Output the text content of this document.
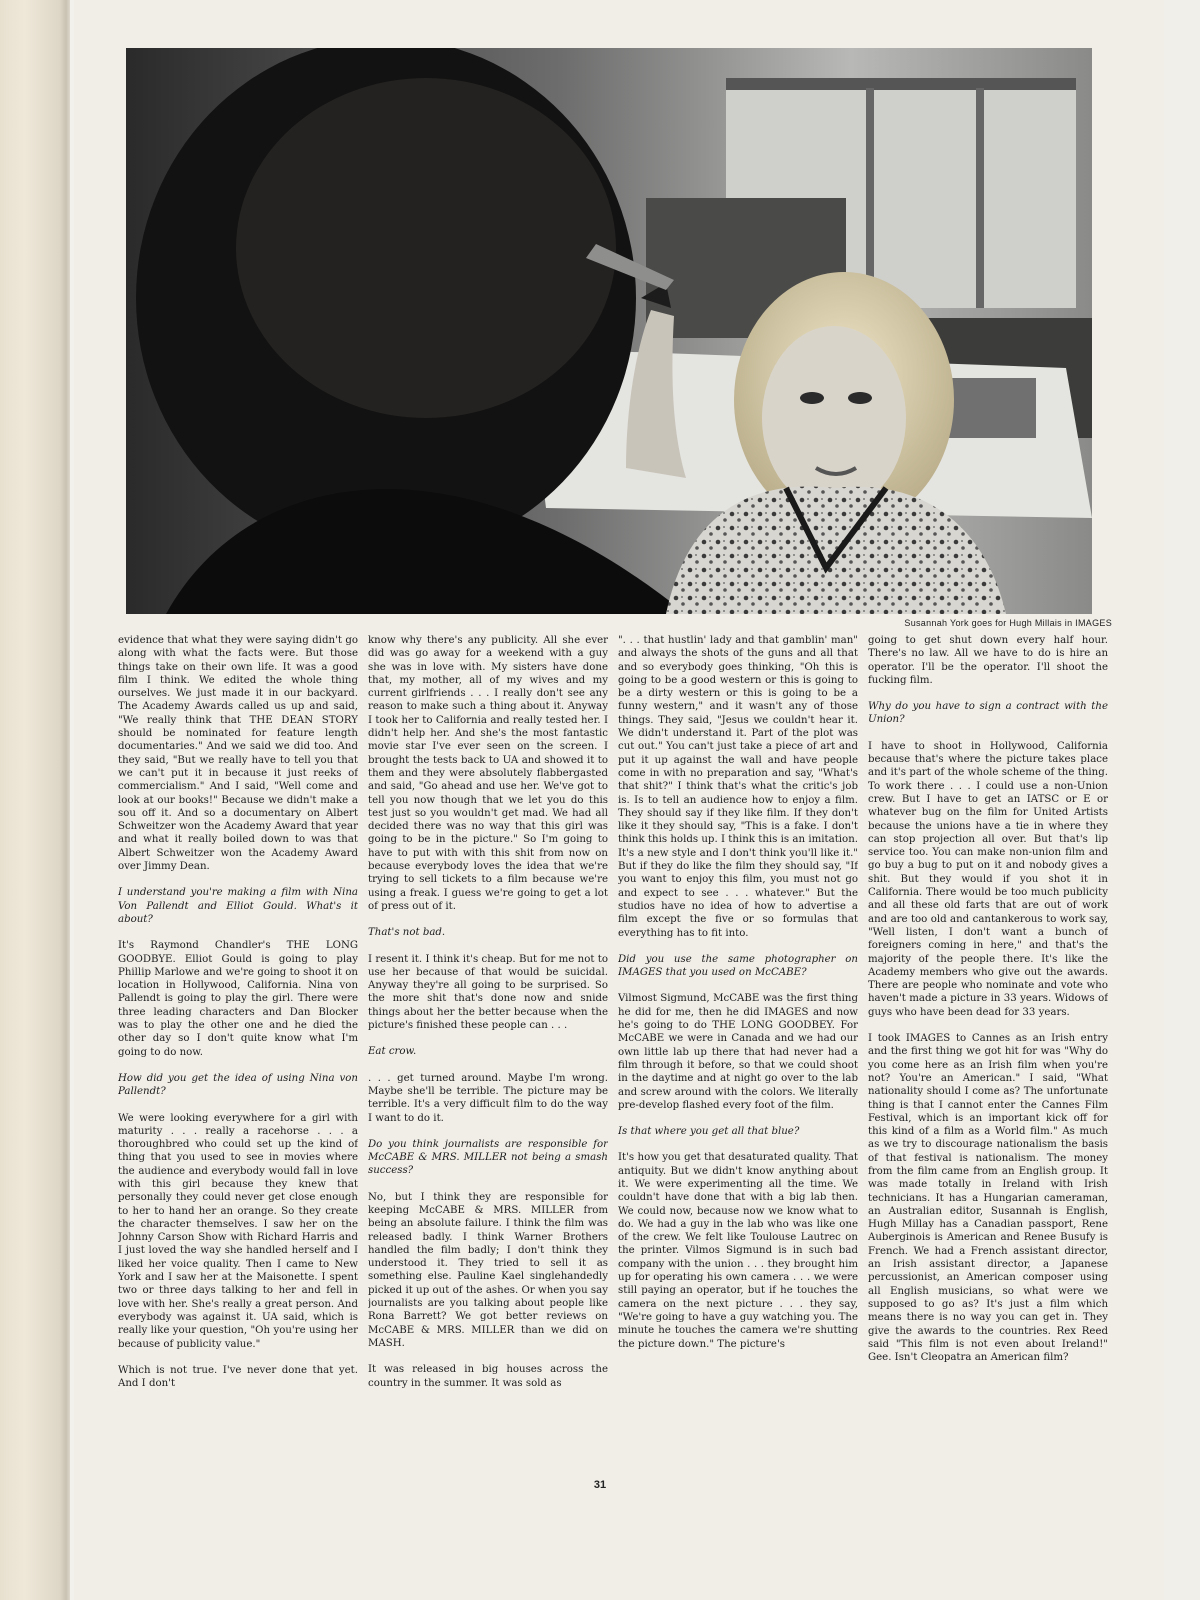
Susannah York goes for Hugh Millais in IMAGES

evidence that what they were saying didn't go along with what the facts were. But those things take on their own life. It was a good film I think. We edited the whole thing ourselves. We just made it in our backyard. The Academy Awards called us up and said, "We really think that THE DEAN STORY should be nominated for feature length documentaries." And we said we did too. And they said, "But we really have to tell you that we can't put it in because it just reeks of commercialism." And I said, "Well come and look at our books!" Because we didn't make a sou off it. And so a documentary on Albert Schweitzer won the Academy Award that year and what it really boiled down to was that Albert Schweitzer won the Academy Award over Jimmy Dean.

I understand you're making a film with Nina Von Pallendt and Elliot Gould. What's it about?

It's Raymond Chandler's THE LONG GOODBYE. Elliot Gould is going to play Phillip Marlowe and we're going to shoot it on location in Hollywood, California. Nina von Pallendt is going to play the girl. There were three leading characters and Dan Blocker was to play the other one and he died the other day so I don't quite know what I'm going to do now.

How did you get the idea of using Nina von Pallendt?

We were looking everywhere for a girl with maturity . . . really a racehorse . . . a thoroughbred who could set up the kind of thing that you used to see in movies where the audience and everybody would fall in love with this girl because they knew that personally they could never get close enough to her to hand her an orange. So they create the character themselves. I saw her on the Johnny Carson Show with Richard Harris and I just loved the way she handled herself and I liked her voice quality. Then I came to New York and I saw her at the Maisonette. I spent two or three days talking to her and fell in love with her. She's really a great person. And everybody was against it. UA said, which is really like your question, "Oh you're using her because of publicity value."

Which is not true. I've never done that yet. And I don't

know why there's any publicity. All she ever did was go away for a weekend with a guy she was in love with. My sisters have done that, my mother, all of my wives and my current girlfriends . . . I really don't see any reason to make such a thing about it. Anyway I took her to California and really tested her. I didn't help her. And she's the most fantastic movie star I've ever seen on the screen. I brought the tests back to UA and showed it to them and they were absolutely flabbergasted and said, "Go ahead and use her. We've got to tell you now though that we let you do this test just so you wouldn't get mad. We had all decided there was no way that this girl was going to be in the picture." So I'm going to have to put with with this shit from now on because everybody loves the idea that we're trying to sell tickets to a film because we're using a freak. I guess we're going to get a lot of press out of it.

That's not bad.

I resent it. I think it's cheap. But for me not to use her because of that would be suicidal. Anyway they're all going to be surprised. So the more shit that's done now and snide things about her the better because when the picture's finished these people can . . .

Eat crow.

. . . get turned around. Maybe I'm wrong. Maybe she'll be terrible. The picture may be terrible. It's a very difficult film to do the way I want to do it.

Do you think journalists are responsible for McCABE & MRS. MILLER not being a smash success?

No, but I think they are responsible for keeping McCABE & MRS. MILLER from being an absolute failure. I think the film was released badly. I think Warner Brothers handled the film badly; I don't think they understood it. They tried to sell it as something else. Pauline Kael singlehandedly picked it up out of the ashes. Or when you say journalists are you talking about people like Rona Barrett? We got better reviews on McCABE & MRS. MILLER than we did on MASH.

It was released in big houses across the country in the summer. It was sold as

". . . that hustlin' lady and that gamblin' man" and always the shots of the guns and all that and so everybody goes thinking, "Oh this is going to be a good western or this is going to be a dirty western or this is going to be a funny western," and it wasn't any of those things. They said, "Jesus we couldn't hear it. We didn't understand it. Part of the plot was cut out." You can't just take a piece of art and put it up against the wall and have people come in with no preparation and say, "What's that shit?" I think that's what the critic's job is. Is to tell an audience how to enjoy a film. They should say if they like film. If they don't like it they should say, "This is a fake. I don't think this holds up. I think this is an imitation. It's a new style and I don't think you'll like it." But if they do like the film they should say, "If you want to enjoy this film, you must not go and expect to see . . . whatever." But the studios have no idea of how to advertise a film except the five or so formulas that everything has to fit into.

Did you use the same photographer on IMAGES that you used on McCABE?

Vilmost Sigmund, McCABE was the first thing he did for me, then he did IMAGES and now he's going to do THE LONG GOODBEY. For McCABE we were in Canada and we had our own little lab up there that had never had a film through it before, so that we could shoot in the daytime and at night go over to the lab and screw around with the colors. We literally pre-develop flashed every foot of the film.

Is that where you get all that blue?

It's how you get that desaturated quality. That antiquity. But we didn't know anything about it. We were experimenting all the time. We couldn't have done that with a big lab then. We could now, because now we know what to do. We had a guy in the lab who was like one of the crew. We felt like Toulouse Lautrec on the printer. Vilmos Sigmund is in such bad company with the union . . . they brought him up for operating his own camera . . . we were still paying an operator, but if he touches the camera on the next picture . . . they say, "We're going to have a guy watching you. The minute he touches the camera we're shutting the picture down." The picture's

going to get shut down every half hour. There's no law. All we have to do is hire an operator. I'll be the operator. I'll shoot the fucking film.

Why do you have to sign a contract with the Union?

I have to shoot in Hollywood, California because that's where the picture takes place and it's part of the whole scheme of the thing. To work there . . . I could use a non-Union crew. But I have to get an IATSC or E or whatever bug on the film for United Artists because the unions have a tie in where they can stop projection all over. But that's lip service too. You can make non-union film and go buy a bug to put on it and nobody gives a shit. But they would if you shot it in California. There would be too much publicity and all these old farts that are out of work and are too old and cantankerous to work say, "Well listen, I don't want a bunch of foreigners coming in here," and that's the majority of the people there. It's like the Academy members who give out the awards. There are people who nominate and vote who haven't made a picture in 33 years. Widows of guys who have been dead for 33 years.

I took IMAGES to Cannes as an Irish entry and the first thing we got hit for was "Why do you come here as an Irish film when you're not? You're an American." I said, "What nationality should I come as? The unfortunate thing is that I cannot enter the Cannes Film Festival, which is an important kick off for this kind of a film as a World film." As much as we try to discourage nationalism the basis of that festival is nationalism. The money from the film came from an English group. It was made totally in Ireland with Irish technicians. It has a Hungarian cameraman, an Australian editor, Susannah is English, Hugh Millay has a Canadian passport, Rene Auberginois is American and Renee Busufy is French. We had a French assistant director, an Irish assistant director, a Japanese percussionist, an American composer using all English musicians, so what were we supposed to go as? It's just a film which means there is no way you can get in. They give the awards to the countries. Rex Reed said "This film is not even about Ireland!" Gee. Isn't Cleopatra an American film?

31
